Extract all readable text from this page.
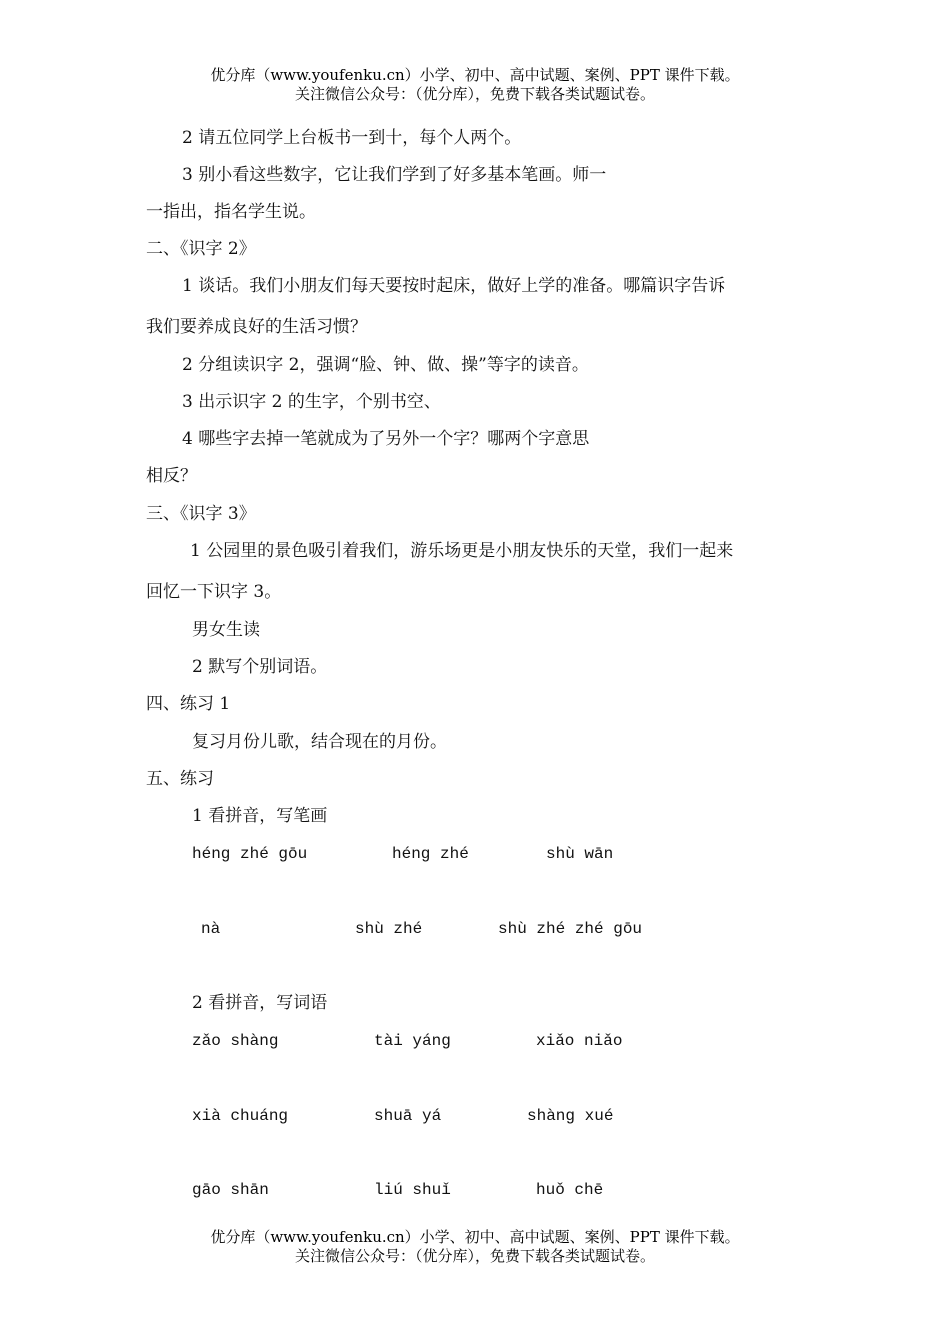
优分库（www.youfenku.cn）小学、初中、高中试题、案例、PPT 课件下载。
关注微信公众号：（优分库），免费下载各类试题试卷。
2 请五位同学上台板书一到十，每个人两个。
3 别小看这些数字，它让我们学到了好多基本笔画。师一
一指出，指名学生说。
二、《识字 2》
1 谈话。我们小朋友们每天要按时起床，做好上学的准备。哪篇识字告诉
我们要养成良好的生活习惯？
2 分组读识字 2，强调“脸、钟、做、操”等字的读音。
3 出示识字 2 的生字，个别书空、
4 哪些字去掉一笔就成为了另外一个字？哪两个字意思
相反？
三、《识字 3》
1 公园里的景色吸引着我们，游乐场更是小朋友快乐的天堂，我们一起来
回忆一下识字 3。
男女生读
2 默写个别词语。
四、练习 1
复习月份儿歌，结合现在的月份。
五、练习
1 看拼音，写笔画
héng zhé gōu	héng zhé	shù wān
nà	shù zhé	shù zhé zhé gōu
2 看拼音，写词语
zǎo shàng	tài yáng	xiǎo niǎo
xià chuáng	shuā yá	shàng xué
gāo shān	liú shuǐ	huǒ chē
优分库（www.youfenku.cn）小学、初中、高中试题、案例、PPT 课件下载。
关注微信公众号：（优分库），免费下载各类试题试卷。
